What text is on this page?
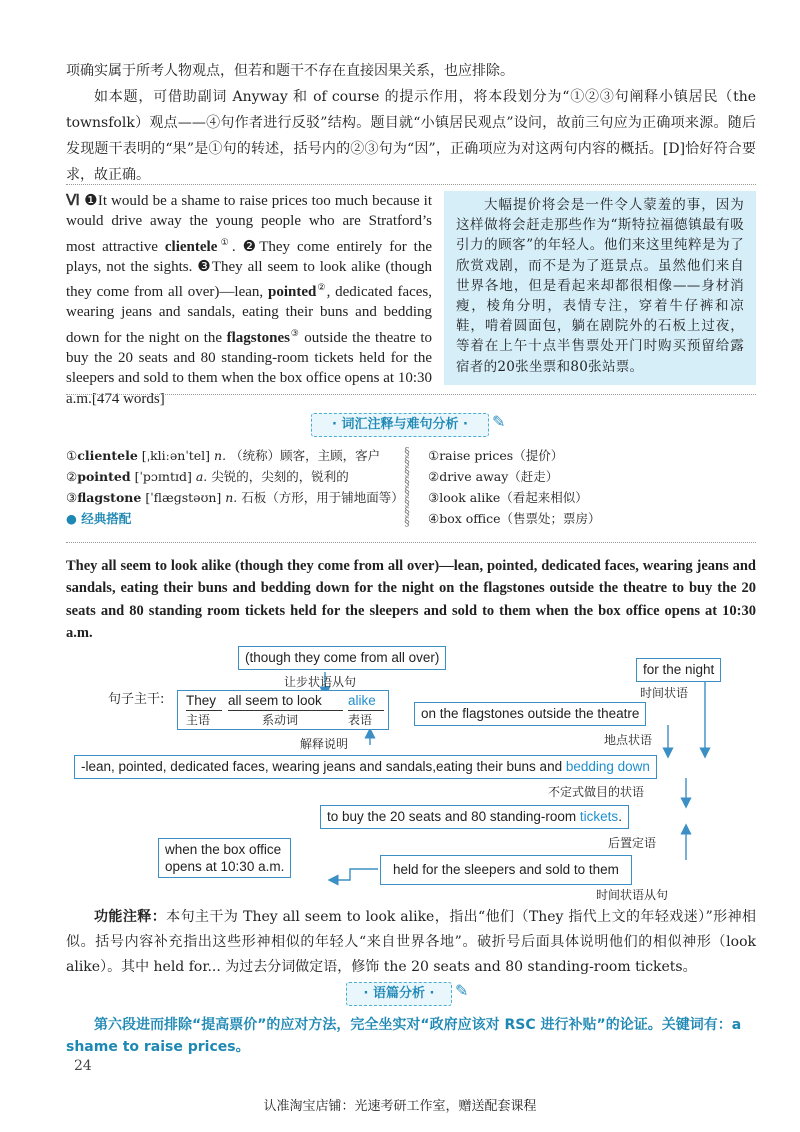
项确实属于所考人物观点，但若和题干不存在直接因果关系，也应排除。
如本题，可借助副词 Anyway 和 of course 的提示作用，将本段划分为“①②③句阐释小镇居民（the townsfolk）观点——④句作者进行反驳”结构。题目就“小镇居民观点”设问，故前三句应为正确项来源。随后发现题干表明的“果”是①句的转述，括号内的②③句为“因”，正确项应为对这两句内容的概括。[D]恰好符合要求，故正确。
Ⅵ ❶It would be a shame to raise prices too much because it would drive away the young people who are Stratford’s most attractive clientele①. ❷They come entirely for the plays, not the sights. ❸They all seem to look alike (though they come from all over)—lean, pointed②, dedicated faces, wearing jeans and sandals, eating their buns and bedding down for the night on the flagstones③ outside the theatre to buy the 20 seats and 80 standing-room tickets held for the sleepers and sold to them when the box office opens at 10:30 a.m.[474 words]
大幅提价将会是一件令人蒙羞的事，因为这样做将会赶走那些作为“斯特拉福德镇最有吸引力的顾客”的年轻人。他们来这里纯粹是为了欣赏戏剧，而不是为了逛景点。虽然他们来自世界各地，但是看起来却都很相像——身材消瘦，棱角分明，表情专注，穿着牛仔裤和凉鞋，啃着圆面包，躺在剧院外的石板上过夜，等着在上午十点半售票处开门时购买预留给露宿者的20张坐票和80张站票。
· 词汇注释与难句分析 ·	✎
①clientele [ˌkliːənˈtel] n. （统称）顾客，主顾，客户
②pointed [ˈpɔɪntɪd] a. 尖锐的，尖刻的，锐利的
③flagstone [ˈflæɡstəʊn] n. 石板（方形，用于铺地面等）
● 经典搭配
§
§
§
§
§
§
§
§
①raise prices（提价）
②drive away（赶走）
③look alike（看起来相似）
④box office（售票处；票房）
They all seem to look alike (though they come from all over)—lean, pointed, dedicated faces, wearing jeans and sandals, eating their buns and bedding down for the night on the flagstones outside the theatre to buy the 20 seats and 80 standing room tickets held for the sleepers and sold to them when the box office opens at 10:30 a.m.
(though they come from all over)
让步状语从句
for the night
时间状语
句子主干: They all seem to look	alike
主语	系动词	表语	on the flagstones outside the theatre
地点状语
解释说明
-lean, pointed, dedicated faces, wearing jeans and sandals,eating their buns and bedding down
不定式做目的状语
to buy the 20 seats and 80 standing-room tickets.
后置定语
when the box office
opens at 10:30 a.m.	held for the sleepers and sold to them
时间状语从句
功能注释：本句主干为 They all seem to look alike，指出“他们（They 指代上文的年轻戏迷）”形神相似。括号内容补充指出这些形神相似的年轻人“来自世界各地”。破折号后面具体说明他们的相似神形（look alike）。其中 held for... 为过去分词做定语，修饰 the 20 seats and 80 standing-room tickets。
· 语篇分析 ·	✎
第六段进而排除“提高票价”的应对方法，完全坐实对“政府应该对 RSC 进行补贴”的论证。关键词有：a shame to raise prices。
24
认准淘宝店铺：光速考研工作室，赠送配套课程
